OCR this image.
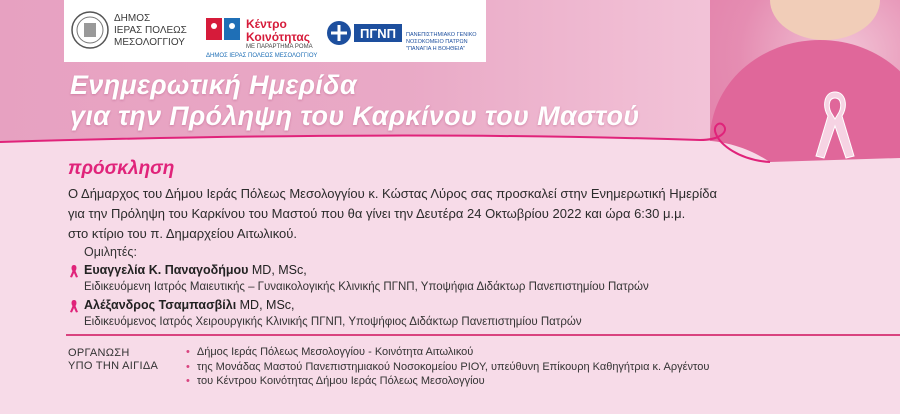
ΔΗΜΟΣ
ΙΕΡΑΣ ΠΟΛΕΩΣ
ΜΕΣΟΛΟΓΓΙΟΥ
Κέντρο
Κοινότητας
ΜΕ ΠΑΡΑΡΤΗΜΑ ΡΟΜΑ
ΔΗΜΟΣ ΙΕΡΑΣ ΠΟΛΕΩΣ ΜΕΣΟΛΟΓΓΙΟΥ
ΠΓΝΠ ΠΑΝΕΠΙΣΤΗΜΙΑΚΟ ΓΕΝΙΚΟ
ΝΟΣΟΚΟΜΕΙΟ ΠΑΤΡΩΝ
"ΠΑΝΑΓΙΑ Η ΒΟΗΘΕΙΑ"
Ενημερωτική Ημερίδα
για την Πρόληψη του Καρκίνου του Μαστού
πρόσκληση
Ο Δήμαρχος του Δήμου Ιεράς Πόλεως Μεσολογγίου κ. Κώστας Λύρος σας προσκαλεί στην Ενημερωτική Ημερίδα
για την Πρόληψη του Καρκίνου του Μαστού που θα γίνει την Δευτέρα 24 Οκτωβρίου 2022 και ώρα 6:30 μ.μ.
στο κτίριο του π. Δημαρχείου Αιτωλικού.
Ομιλητές:
Ευαγγελία Κ. Παναγοδήμου MD, MSc,
Ειδικευόμενη Ιατρός Μαιευτικής – Γυναικολογικής Κλινικής ΠΓΝΠ, Υποψήφια Διδάκτωρ Πανεπιστημίου Πατρών
Αλέξανδρος Τσαμπασβίλι MD, MSc,
Ειδικευόμενος Ιατρός Χειρουργικής Κλινικής ΠΓΝΠ, Υποψήφιος Διδάκτωρ Πανεπιστημίου Πατρών
ΟΡΓΑΝΩΣΗ
ΥΠΟ ΤΗΝ ΑΙΓΙΔΑ
• Δήμος Ιεράς Πόλεως Μεσολογγίου - Κοινότητα Αιτωλικού
• της Μονάδας Μαστού Πανεπιστημιακού Νοσοκομείου ΡΙΟΥ, υπεύθυνη Επίκουρη Καθηγήτρια κ. Αργέντου
• του Κέντρου Κοινότητας Δήμου Ιεράς Πόλεως Μεσολογγίου
